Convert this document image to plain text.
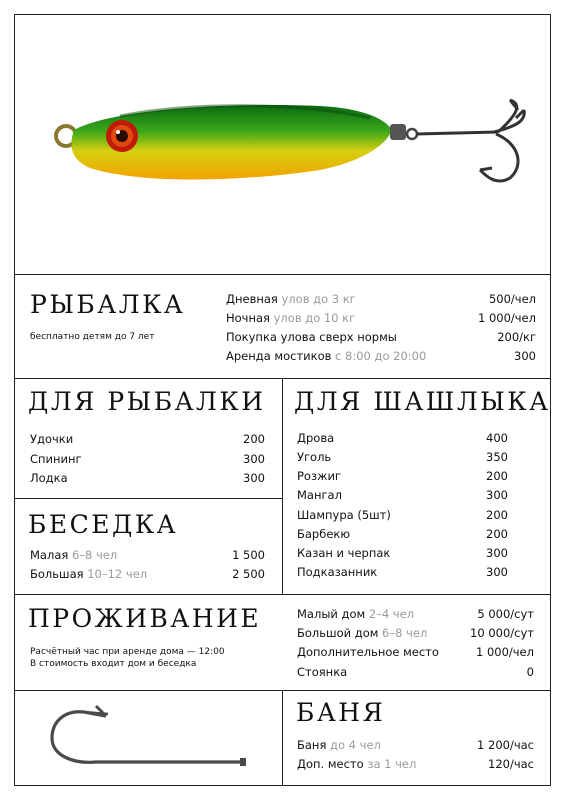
РЫБАЛКА
бесплатно детям до 7 лет
Дневная улов до 3 кг	500/чел
Ночная улов до 10 кг	1 000/чел
Покупка улова сверх нормы	200/кг
Аренда мостиков с 8:00 до 20:00	300
ДЛЯ РЫБАЛКИ
Удочки	200
Спининг	300
Лодка	300
ДЛЯ ШАШЛЫКА
Дрова	400
Уголь	350
Розжиг	200
Мангал	300
Шампура (5шт)	200
Барбекю	200
Казан и черпак	300
Подказанник	300
БЕСЕДКА
Малая 6–8 чел	1 500
Большая 10–12 чел	2 500
ПРОЖИВАНИЕ
Расчётный час при аренде дома — 12:00
В стоимость входит дом и беседка
Малый дом 2–4 чел	5 000/сут
Большой дом 6–8 чел	10 000/сут
Дополнительное место	1 000/чел
Стоянка	0
БАНЯ
Баня до 4 чел	1 200/час
Доп. место за 1 чел	120/час
